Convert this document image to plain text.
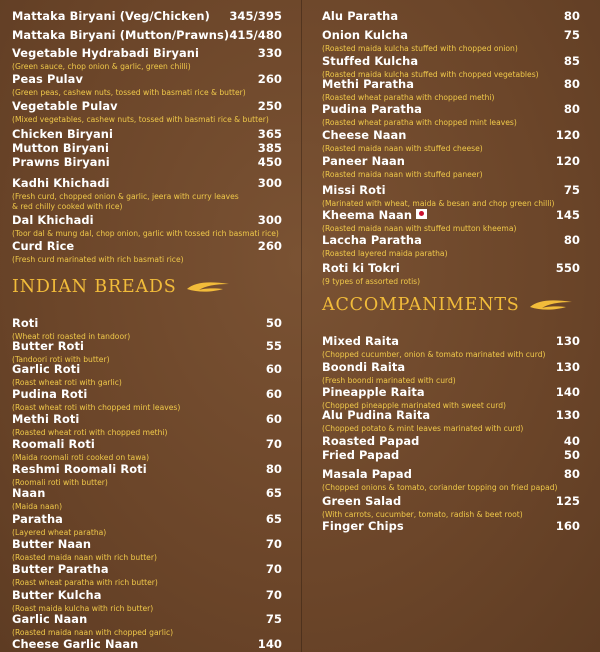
Mattaka Biryani (Veg/Chicken) 345/395
Mattaka Biryani (Mutton/Prawns) 415/480
Vegetable Hydrabadi Biryani	330
(Green sauce, chop onion & garlic, green chilli)
Peas Pulav	260
(Green peas, cashew nuts, tossed with basmati rice & butter)
Vegetable Pulav	250
(Mixed vegetables, cashew nuts, tossed with basmati rice & butter)
Chicken Biryani	365
Mutton Biryani	385
Prawns Biryani	450
Kadhi Khichadi	300
(Fresh curd, chopped onion & garlic, jeera with curry leaves
& red chilly cooked with rice)
Dal Khichadi	300
(Toor dal & mung dal, chop onion, garlic with tossed rich basmati rice)
Curd Rice	260
(Fresh curd marinated with rich basmati rice)
INDIAN BREADS
Roti	50
(Wheat roti roasted in tandoor)
Butter Roti	55
(Tandoori roti with butter)
Garlic Roti	60
(Roast wheat roti with garlic)
Pudina Roti	60
(Roast wheat roti with chopped mint leaves)
Methi Roti	60
(Roasted wheat roti with chopped methi)
Roomali Roti	70
(Maida roomali roti cooked on tawa)
Reshmi Roomali Roti	80
(Roomali roti with butter)
Naan	65
(Maida naan)
Paratha	65
(Layered wheat paratha)
Butter Naan	70
(Roasted maida naan with rich butter)
Butter Paratha	70
(Roast wheat paratha with rich butter)
Butter Kulcha	70
(Roast maida kulcha with rich butter)
Garlic Naan	75
(Roasted maida naan with chopped garlic)
Cheese Garlic Naan	140
Alu Paratha	80
Onion Kulcha	75
(Roasted maida kulcha stuffed with chopped onion)
Stuffed Kulcha	85
(Roasted maida kulcha stuffed with chopped vegetables)
Methi Paratha	80
(Roasted wheat paratha with chopped methi)
Pudina Paratha	80
(Roasted wheat paratha with chopped mint leaves)
Cheese Naan	120
(Roasted maida naan with stuffed cheese)
Paneer Naan	120
(Roasted maida naan with stuffed paneer)
Missi Roti	75
(Marinated with wheat, maida & besan and chop green chilli)
Kheema Naan	145
(Roasted maida naan with stuffed mutton kheema)
Laccha Paratha	80
(Roasted layered maida paratha)
Roti ki Tokri	550
(9 types of assorted rotis)
ACCOMPANIMENTS
Mixed Raita	130
(Chopped cucumber, onion & tomato marinated with curd)
Boondi Raita	130
(Fresh boondi marinated with curd)
Pineapple Raita	140
(Chopped pineapple marinated with sweet curd)
Alu Pudina Raita	130
(Chopped potato & mint leaves marinated with curd)
Roasted Papad	40
Fried Papad	50
Masala Papad	80
(Chopped onions & tomato, coriander topping on fried papad)
Green Salad	125
(With carrots, cucumber, tomato, radish & beet root)
Finger Chips	160
